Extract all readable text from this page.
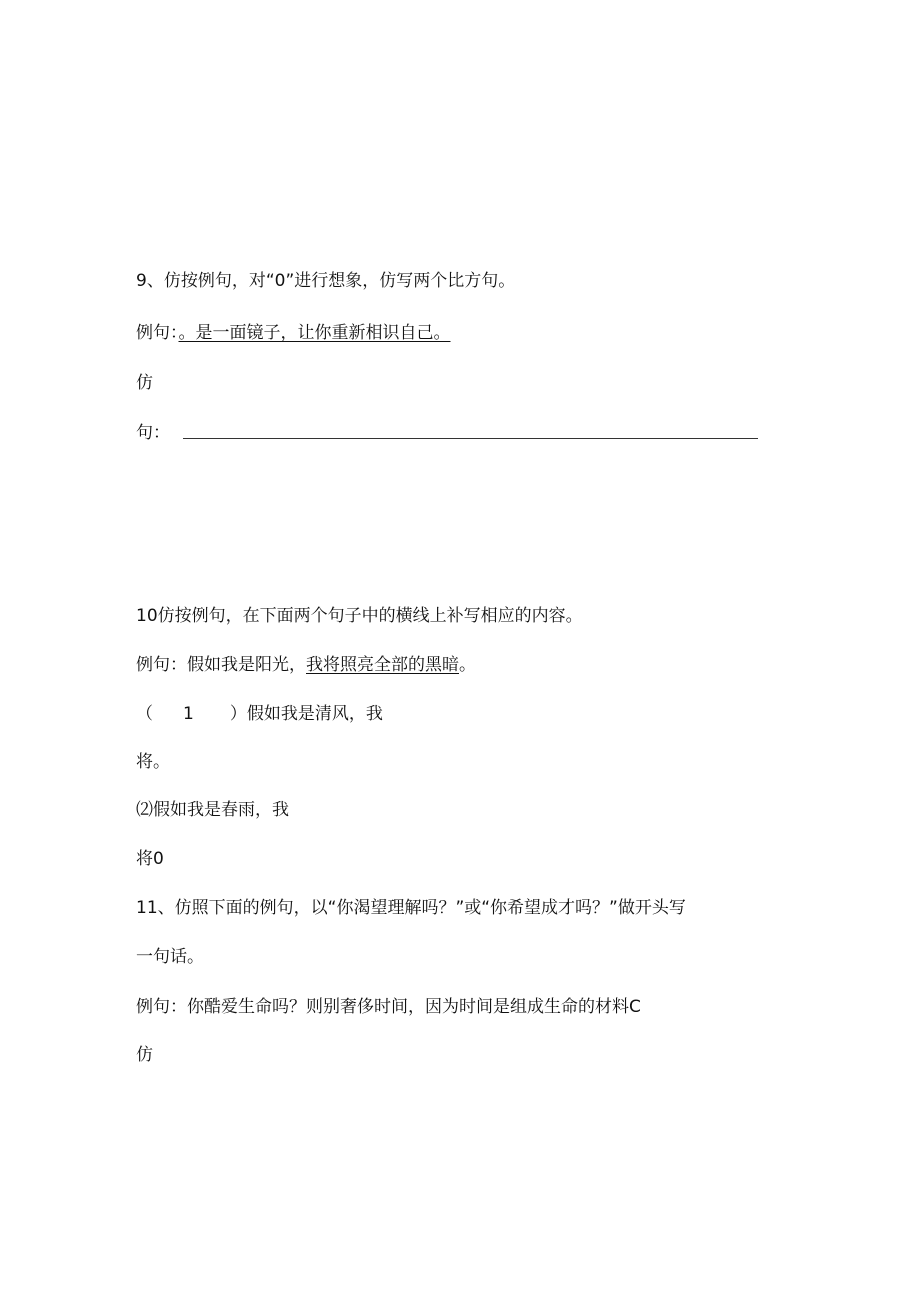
9、仿按例句，对“0”进行想象，仿写两个比方句。
例句：。是一面镜子，让你重新相识自己。
仿
句：
10仿按例句，在下面两个句子中的横线上补写相应的内容。
例句：假如我是阳光，我将照亮全部的黑暗。
（ 1 ）假如我是清风，我
将。
⑵假如我是春雨，我
将0
11、仿照下面的例句，以“你渴望理解吗？”或“你希望成才吗？”做开头写
一句话。
例句：你酷爱生命吗？则别奢侈时间，因为时间是组成生命的材料C
仿
